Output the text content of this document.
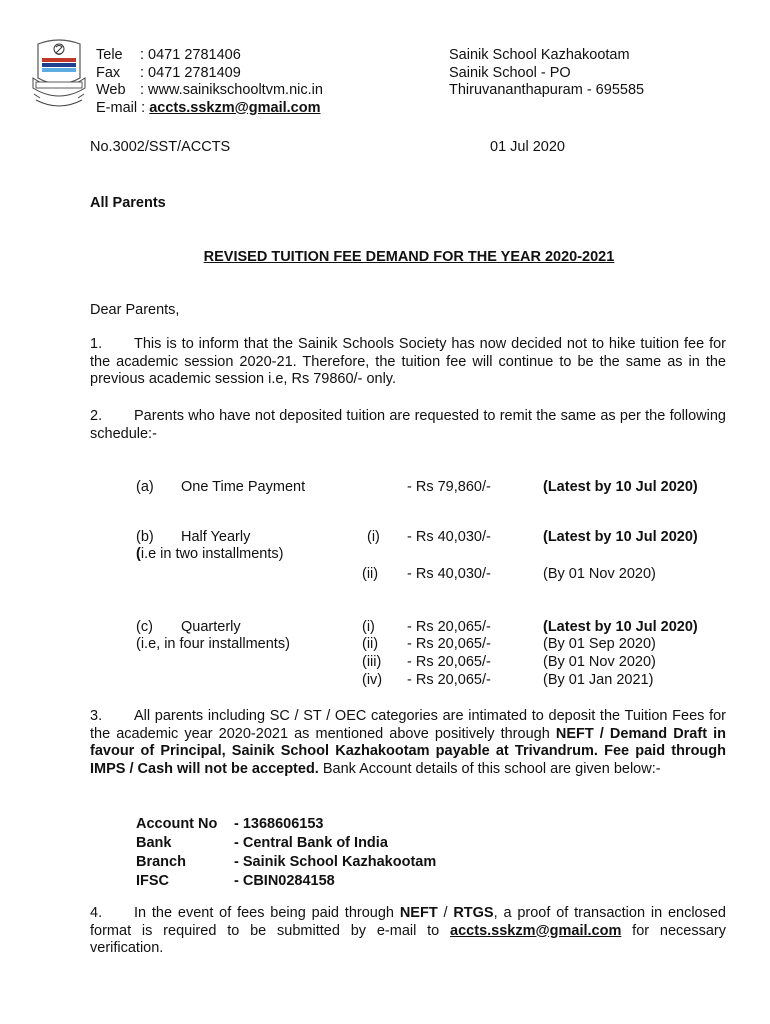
Tele : 0471 2781406
Fax : 0471 2781409
Web : www.sainikschooltvm.nic.in
E-mail : accts.sskzm@gmail.com
Sainik School Kazhakootam
Sainik School - PO
Thiruvananthapuram - 695585
No.3002/SST/ACCTS	01 Jul 2020
All Parents
REVISED TUITION FEE DEMAND FOR THE YEAR 2020-2021
Dear Parents,
1. This is to inform that the Sainik Schools Society has now decided not to hike tuition fee for the academic session 2020-21. Therefore, the tuition fee will continue to be the same as in the previous academic session i.e, Rs 79860/- only.
2. Parents who have not deposited tuition are requested to remit the same as per the following schedule:-
(a) One Time Payment	- Rs 79,860/-	(Latest by 10 Jul 2020)
(b) Half Yearly
(i.e in two installments)
(i) - Rs 40,030/-	(Latest by 10 Jul 2020)
(ii) - Rs 40,030/-	(By 01 Nov 2020)
(c) Quarterly
(i.e, in four installments)
(i) - Rs 20,065/-	(Latest by 10 Jul 2020)
(ii) - Rs 20,065/-	(By 01 Sep 2020)
(iii) - Rs 20,065/-	(By 01 Nov 2020)
(iv) - Rs 20,065/-	(By 01 Jan 2021)
3. All parents including SC / ST / OEC categories are intimated to deposit the Tuition Fees for the academic year 2020-2021 as mentioned above positively through NEFT / Demand Draft in favour of Principal, Sainik School Kazhakootam payable at Trivandrum. Fee paid through IMPS / Cash will not be accepted. Bank Account details of this school are given below:-
Account No - 1368606153
Bank	- Central Bank of India
Branch	- Sainik School Kazhakootam
IFSC	- CBIN0284158
4. In the event of fees being paid through NEFT / RTGS, a proof of transaction in enclosed format is required to be submitted by e-mail to accts.sskzm@gmail.com for necessary verification.
